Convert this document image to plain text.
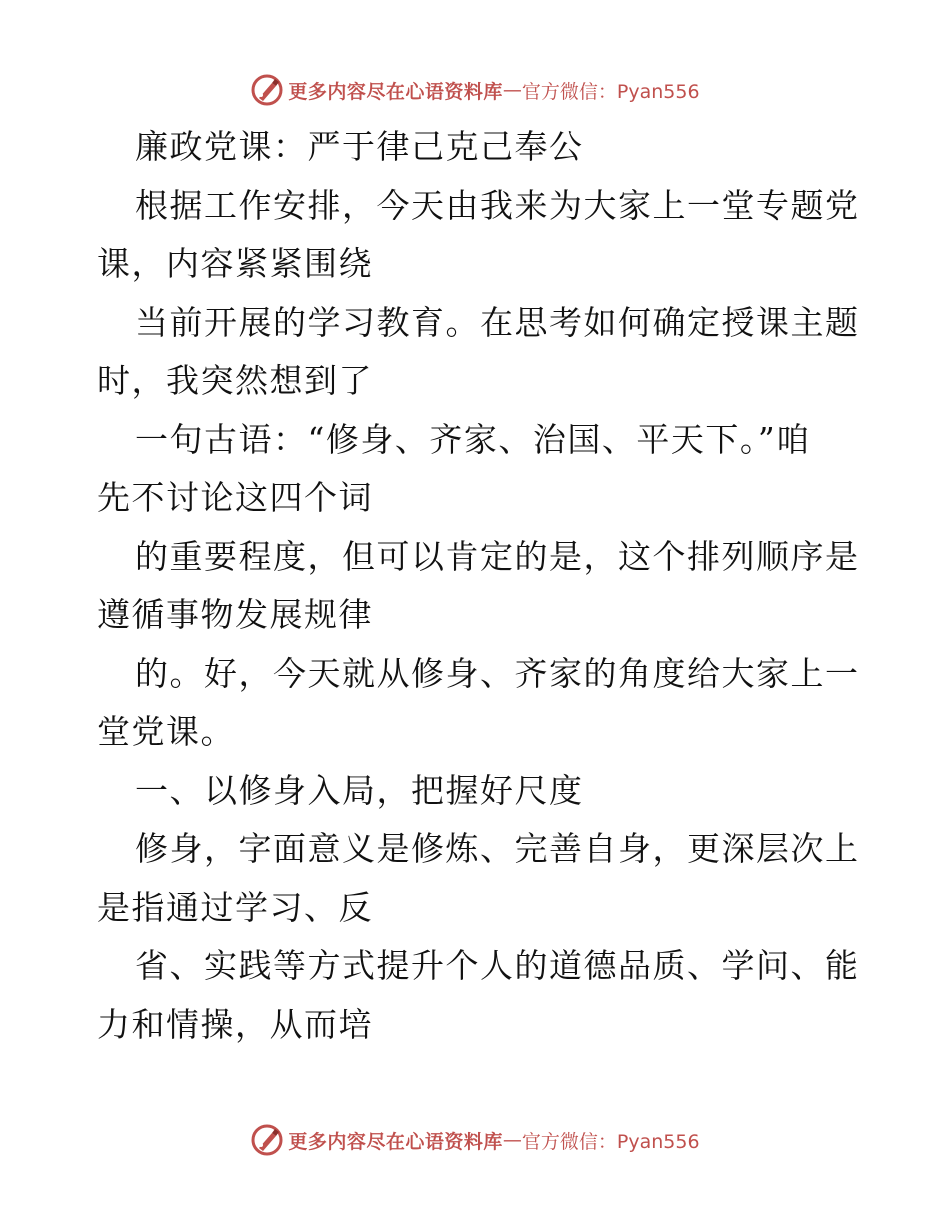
更多内容尽在心语资料库 — 官方微信：Pyan556

廉政党课：严于律己克己奉公

根据工作安排，今天由我来为大家上一堂专题党

课，内容紧紧围绕

当前开展的学习教育。在思考如何确定授课主题

时，我突然想到了

一句古语：“修身、齐家、治国、平天下。”咱

先不讨论这四个词

的重要程度，但可以肯定的是，这个排列顺序是

遵循事物发展规律

的。好，今天就从修身、齐家的角度给大家上一

堂党课。

一、以修身入局，把握好尺度

修身，字面意义是修炼、完善自身，更深层次上

是指通过学习、反

省、实践等方式提升个人的道德品质、学问、能

力和情操，从而培

更多内容尽在心语资料库 — 官方微信：Pyan556
